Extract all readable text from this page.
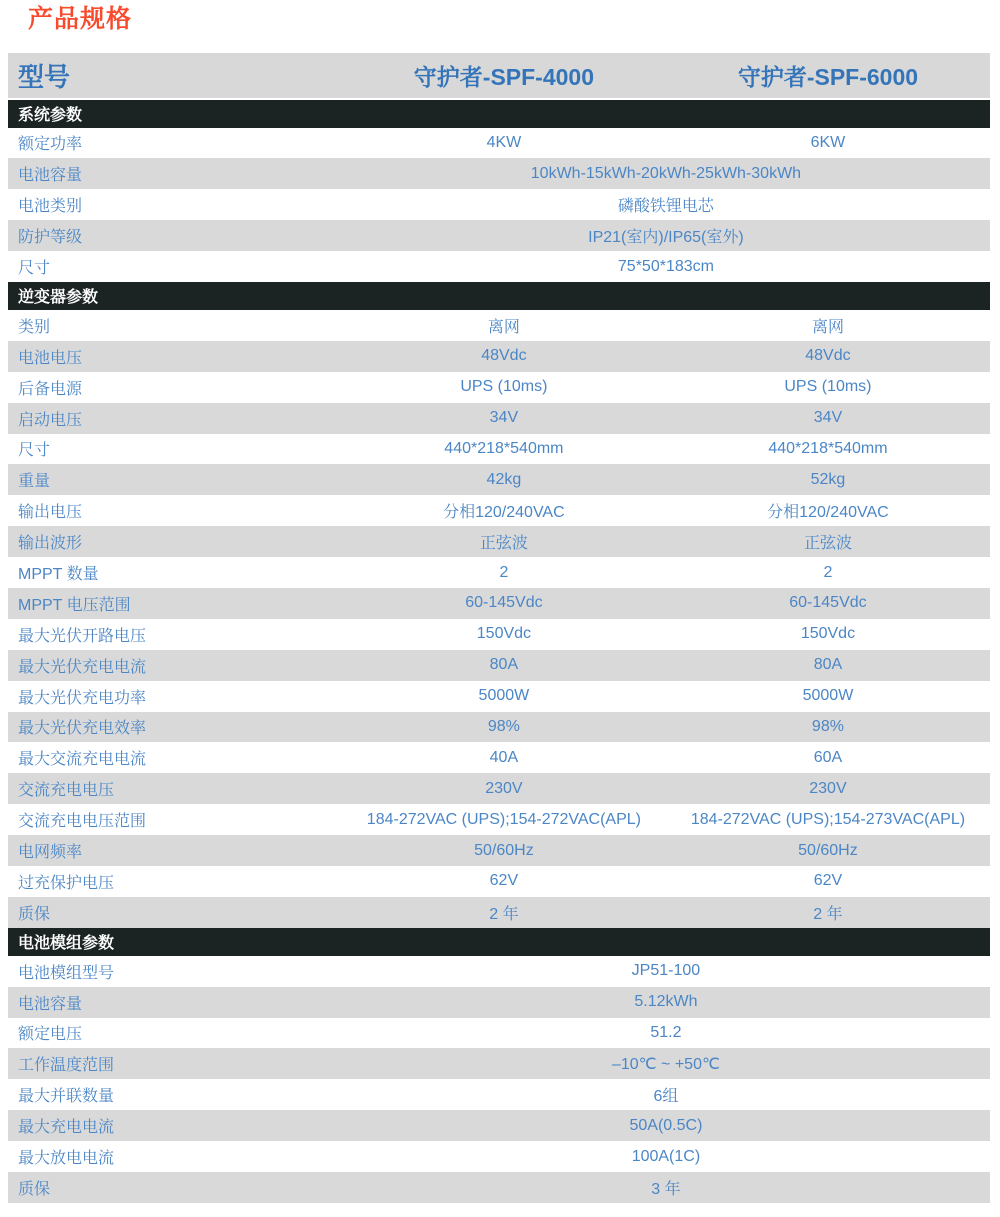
产品规格
型号	守护者-SPF-4000	守护者-SPF-6000
系统参数
额定功率	4KW	6KW
电池容量	10kWh-15kWh-20kWh-25kWh-30kWh
电池类别	磷酸铁锂电芯
防护等级	IP21(室内)/IP65(室外)
尺寸	75*50*183cm
逆变器参数
类别	离网	离网
电池电压	48Vdc	48Vdc
后备电源	UPS (10ms)	UPS (10ms)
启动电压	34V	34V
尺寸	440*218*540mm	440*218*540mm
重量	42kg	52kg
输出电压	分相120/240VAC	分相120/240VAC
输出波形	正弦波	正弦波
MPPT 数量	2	2
MPPT 电压范围	60-145Vdc	60-145Vdc
最大光伏开路电压	150Vdc	150Vdc
最大光伏充电电流	80A	80A
最大光伏充电功率	5000W	5000W
最大光伏充电效率	98%	98%
最大交流充电电流	40A	60A
交流充电电压	230V	230V
交流充电电压范围	184-272VAC (UPS);154-272VAC(APL)	184-272VAC (UPS);154-273VAC(APL)
电网频率	50/60Hz	50/60Hz
过充保护电压	62V	62V
质保	2 年	2 年
电池模组参数
电池模组型号	JP51-100
电池容量	5.12kWh
额定电压	51.2
工作温度范围	–10℃ ~ +50℃
最大并联数量	6组
最大充电电流	50A(0.5C)
最大放电电流	100A(1C)
质保	3 年
